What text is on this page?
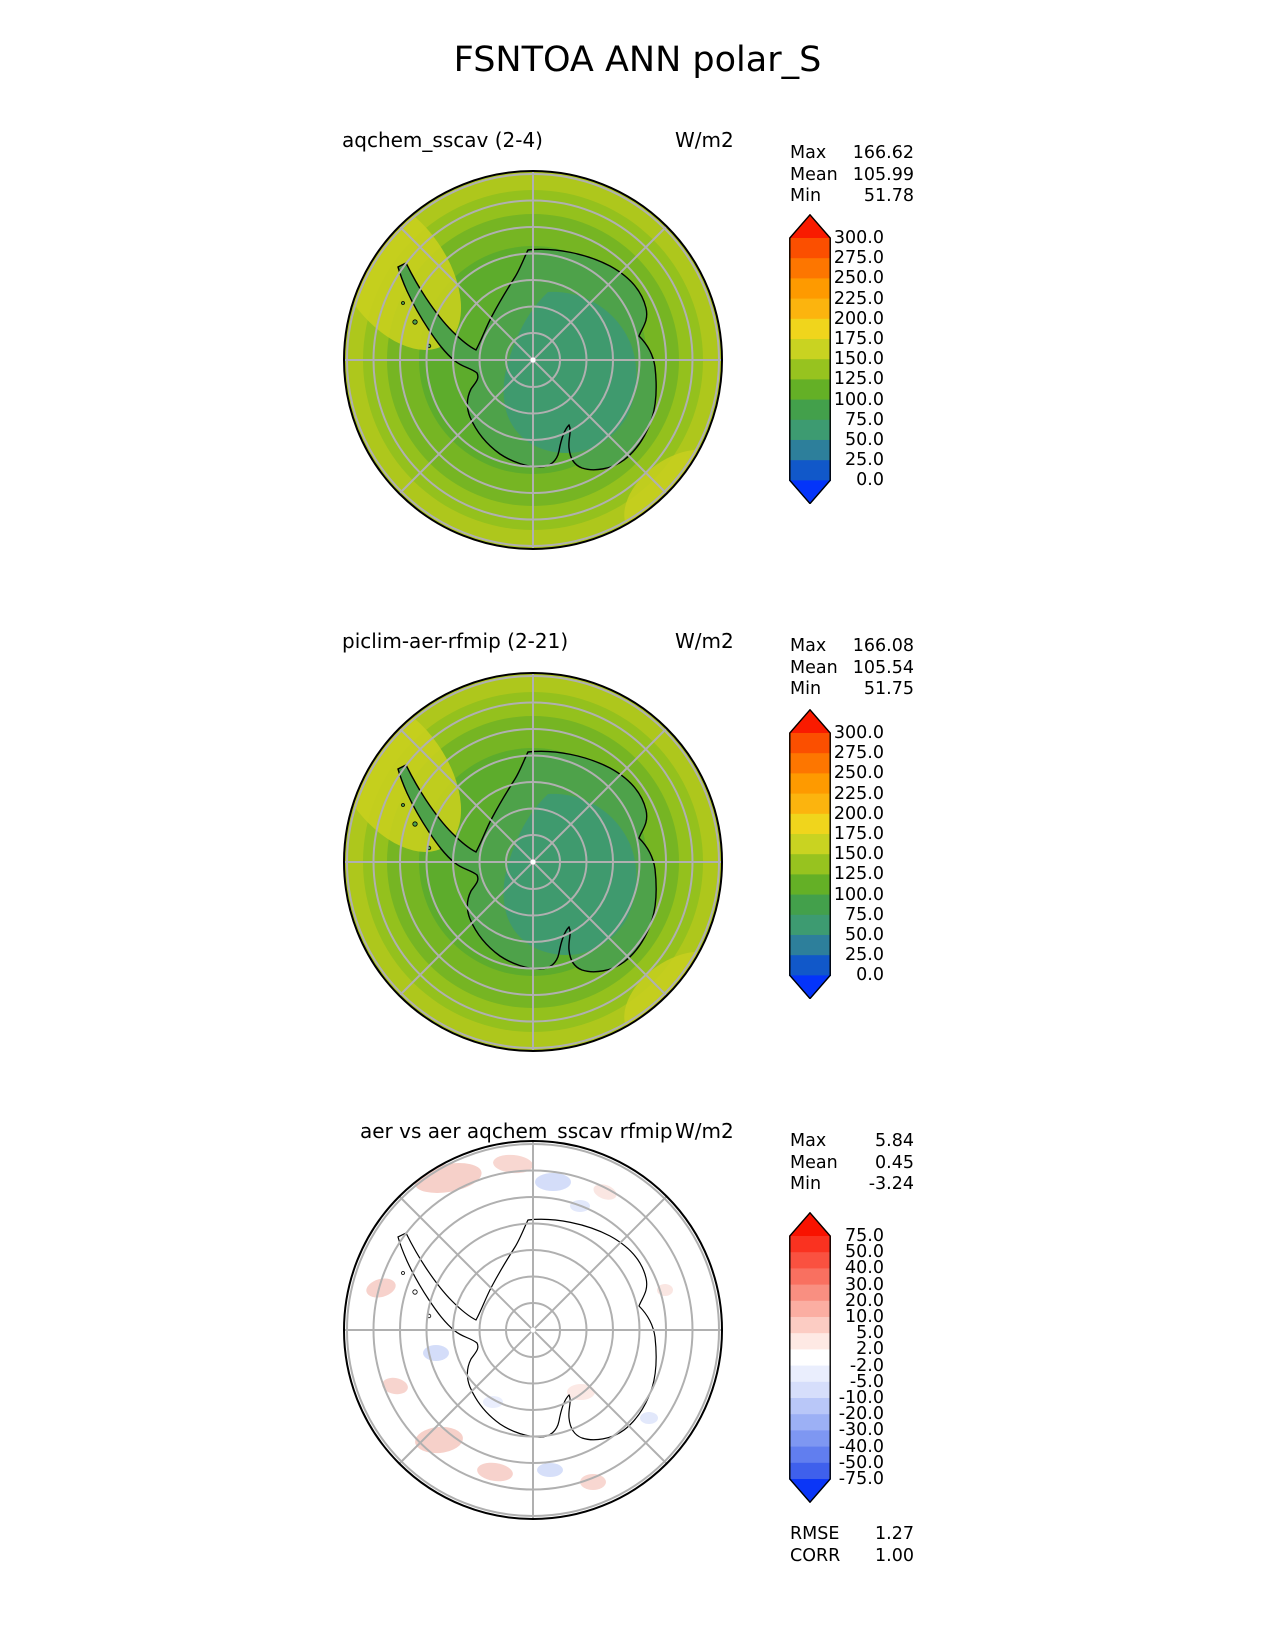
FSNTOA ANN polar_S
aqchem_sscav (2-4)	W/m2
piclim-aer-rfmip (2-21)	W/m2
W/m2
aer vs aer aqchem_sscav rfmip
Max 166.62
Mean 105.99
Min 51.78
300.0
275.0
250.0
225.0
200.0
175.0
150.0
125.0
100.0
75.0
50.0
25.0
0.0
Max 166.08
Mean 105.54
Min 51.75
300.0
275.0
250.0
225.0
200.0
175.0
150.0
125.0
100.0
75.0
50.0
25.0
0.0
Max	5.84
Mean 0.45
Min	-3.24
RMSE 1.27
CORR 1.00
75.0
50.0
40.0
30.0
20.0
10.0
5.0
2.0
-2.0
-5.0
-10.0
-20.0
-30.0
-40.0
-50.0
-75.0
